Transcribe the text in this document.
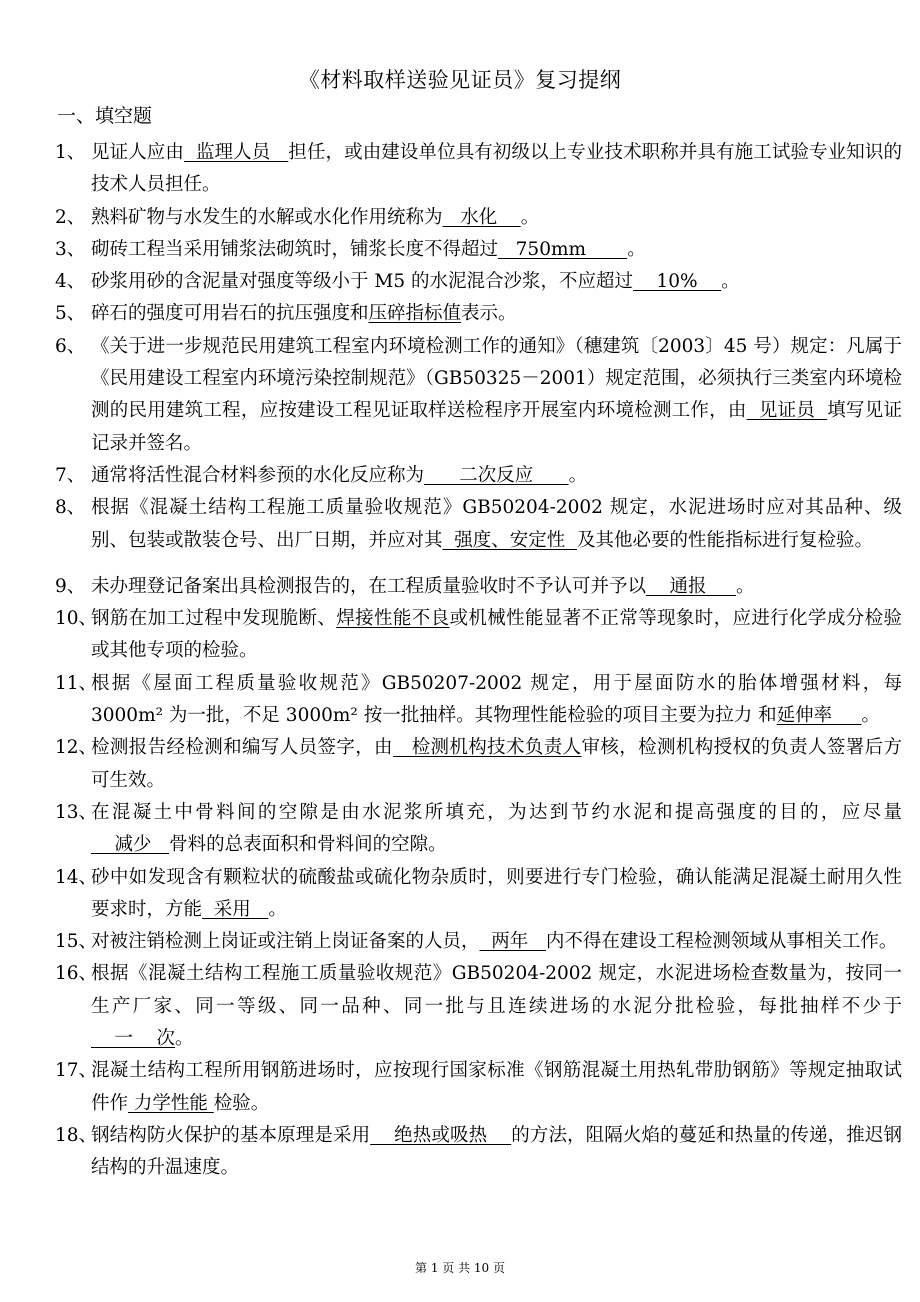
《材料取样送验见证员》复习提纲
一、填空题
1、 见证人应由  监理人员   担任，或由建设单位具有初级以上专业技术职称并具有施工试验专业知识的技术人员担任。
2、 熟料矿物与水发生的水解或水化作用统称为   水化    。
3、 砌砖工程当采用铺浆法砌筑时，铺浆长度不得超过   750mm       。
4、 砂浆用砂的含泥量对强度等级小于 M5 的水泥混合沙浆，不应超过    10%    。
5、 碎石的强度可用岩石的抗压强度和压碎指标值表示。
6、 《关于进一步规范民用建筑工程室内环境检测工作的通知》（穗建筑〔2003〕45 号）规定：凡属于《民用建设工程室内环境污染控制规范》（GB50325－2001）规定范围，必须执行三类室内环境检测的民用建筑工程，应按建设工程见证取样送检程序开展室内环境检测工作，由  见证员  填写见证记录并签名。
7、 通常将活性混合材料参预的水化反应称为      二次反应      。
8、 根据《混凝土结构工程施工质量验收规范》GB50204-2002 规定，水泥进场时应对其品种、级别、包装或散装仓号、出厂日期，并应对其  强度、安定性  及其他必要的性能指标进行复检验。
9、 未办理登记备案出具检测报告的，在工程质量验收时不予认可并予以    通报     。
10、
钢筋在加工过程中发现脆断、焊接性能不良或机械性能显著不正常等现象时，应进行化学成分检验或其他专项的检验。
11、
根据《屋面工程质量验收规范》GB50207-2002 规定，用于屋面防水的胎体增强材料，每 3000m² 为一批，不足 3000m² 按一批抽样。其物理性能检验的项目主要为拉力 和延伸率     。
12、
检测报告经检测和编写人员签字，由   检测机构技术负责人审核，检测机构授权的负责人签署后方可生效。
13、
在混凝土中骨料间的空隙是由水泥浆所填充，为达到节约水泥和提高强度的目的，应尽量    减少   骨料的总表面积和骨料间的空隙。
14、
砂中如发现含有颗粒状的硫酸盐或硫化物杂质时，则要进行专门检验，确认能满足混凝土耐用久性要求时，方能  采用   。
15、
对被注销检测上岗证或注销上岗证备案的人员，  两年   内不得在建设工程检测领域从事相关工作。
16、
根据《混凝土结构工程施工质量验收规范》GB50204-2002 规定，水泥进场检查数量为，按同一生产厂家、同一等级、同一品种、同一批与且连续进场的水泥分批检验，每批抽样不少于    一    次。
17、
混凝土结构工程所用钢筋进场时，应按现行国家标准《钢筋混凝土用热轧带肋钢筋》等规定抽取试件作 力学性能 检验。
18、
钢结构防火保护的基本原理是采用    绝热或吸热    的方法，阻隔火焰的蔓延和热量的传递，推迟钢结构的升温速度。
第 1 页 共 10 页
